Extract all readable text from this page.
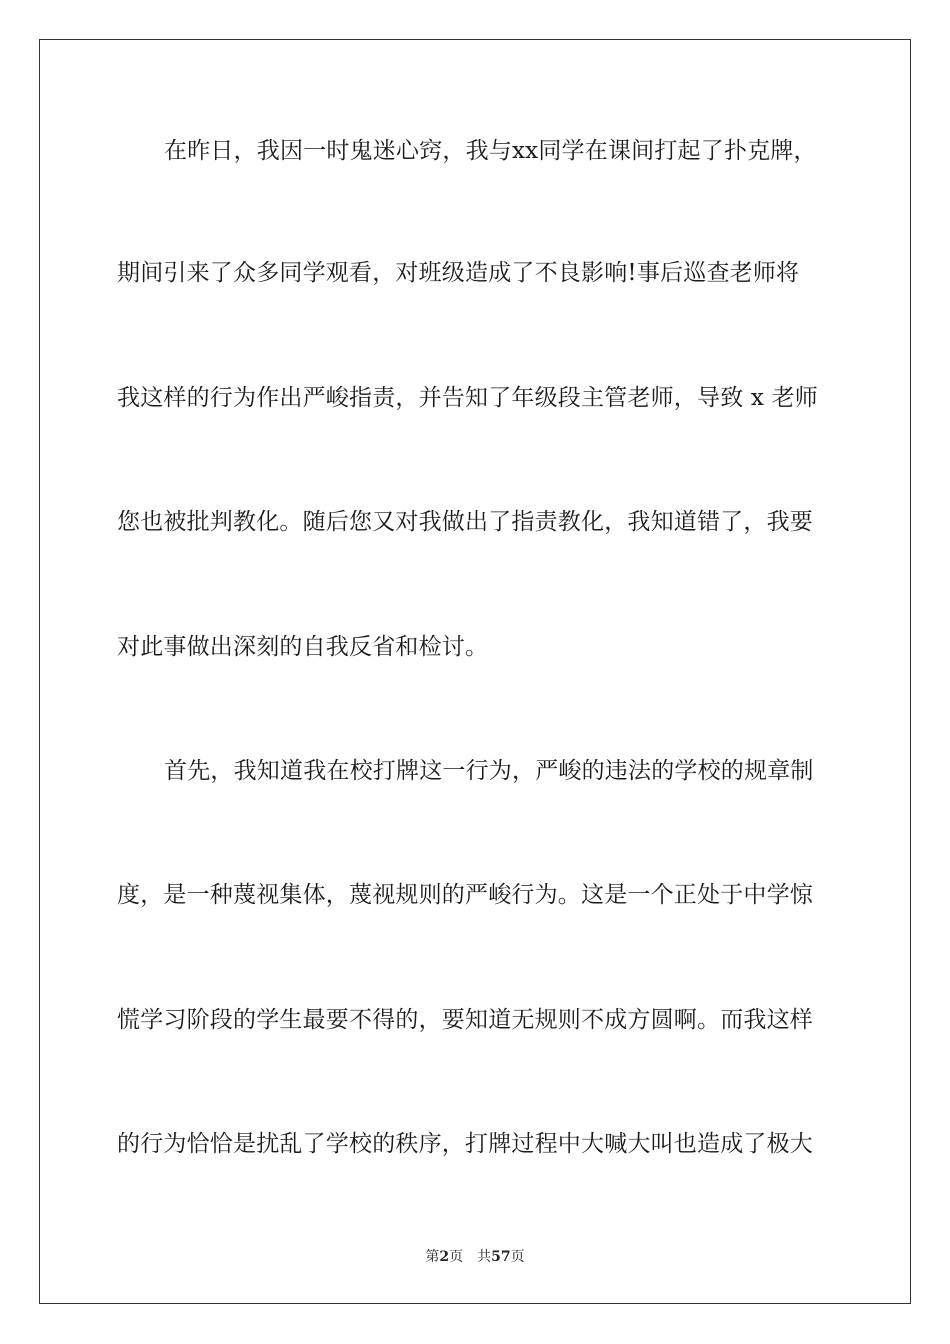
在昨日，我因一时鬼迷心窍，我与xx同学在课间打起了扑克牌，
期间引来了众多同学观看，对班级造成了不良影响!事后巡查老师将
我这样的行为作出严峻指责，并告知了年级段主管老师，导致 x 老师
您也被批判教化。随后您又对我做出了指责教化，我知道错了，我要
对此事做出深刻的自我反省和检讨。
首先，我知道我在校打牌这一行为，严峻的违法的学校的规章制
度，是一种蔑视集体，蔑视规则的严峻行为。这是一个正处于中学惊
慌学习阶段的学生最要不得的，要知道无规则不成方圆啊。而我这样
的行为恰恰是扰乱了学校的秩序，打牌过程中大喊大叫也造成了极大
第2页 共57页
